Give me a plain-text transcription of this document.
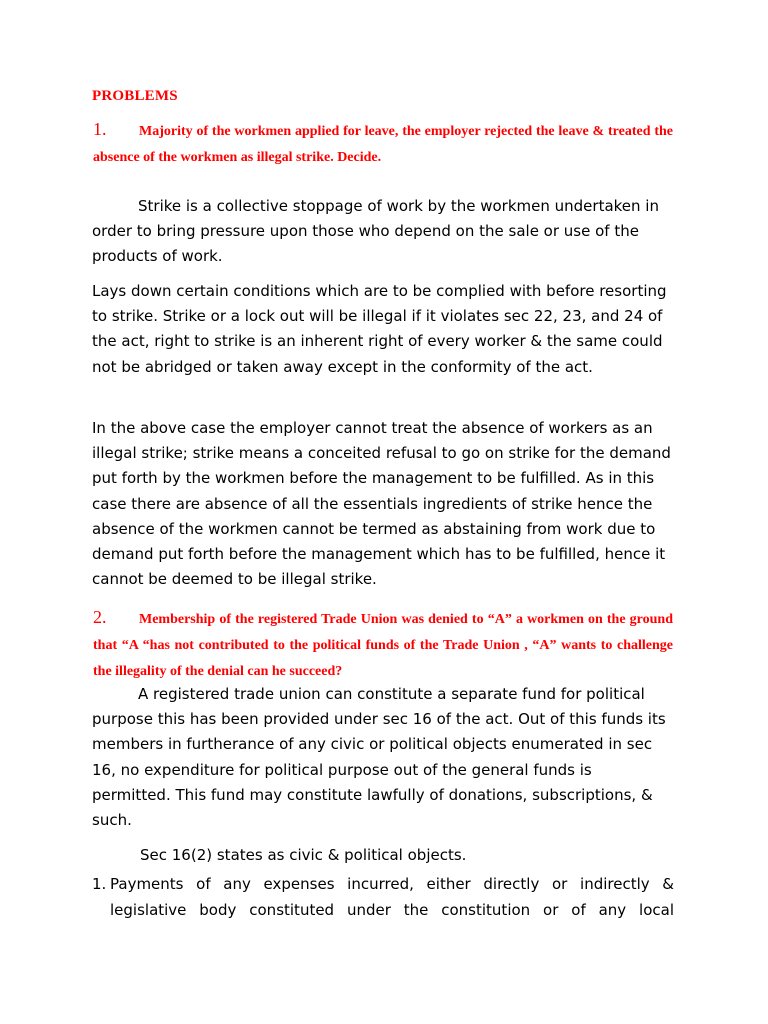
PROBLEMS
1. Majority of the workmen applied for leave, the employer rejected the leave & treated the absence of the workmen as illegal strike. Decide.
Strike is a collective stoppage of work by the workmen undertaken in order to bring pressure upon those who depend on the sale or use of the products of work.
Lays down certain conditions which are to be complied with before resorting to strike. Strike or a lock out will be illegal if it violates sec 22, 23, and 24 of the act, right to strike is an inherent right of every worker & the same could not be abridged or taken away except in the conformity of the act.
In the above case the employer cannot treat the absence of workers as an illegal strike; strike means a conceited refusal to go on strike for the demand put forth by the workmen before the management to be fulfilled. As in this case there are absence of all the essentials ingredients of strike hence the absence of the workmen cannot be termed as abstaining from work due to demand put forth before the management which has to be fulfilled, hence it cannot be deemed to be illegal strike.
2. Membership of the registered Trade Union was denied to “A” a workmen on the ground that “A “has not contributed to the political funds of the Trade Union , “A” wants to challenge the illegality of the denial can he succeed?
A registered trade union can constitute a separate fund for political purpose this has been provided under sec 16 of the act. Out of this funds its members in furtherance of any civic or political objects enumerated in sec 16, no expenditure for political purpose out of the general funds is permitted. This fund may constitute lawfully of donations, subscriptions, & such.
Sec 16(2) states as civic & political objects.
1. Payments of any expenses incurred, either directly or indirectly &
legislative body constituted under the constitution or of any local
